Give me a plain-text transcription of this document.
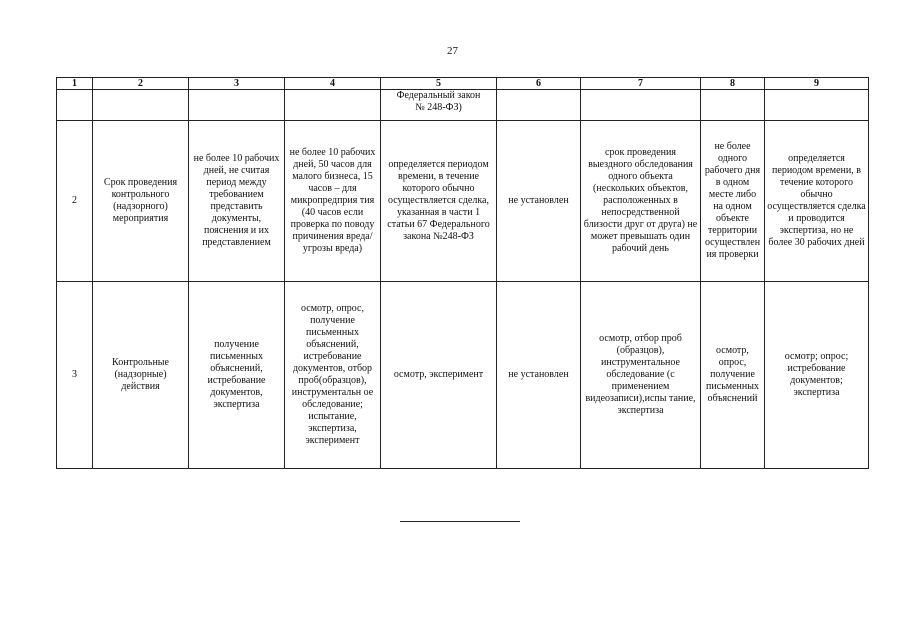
27
1	2	3	4	5	6	7	8	9
				Федеральный закон
№ 248-ФЗ)				
2	Срок проведения контрольного (надзорного) мероприятия	не более 10 рабочих дней, не считая период между требованием представить документы, пояснения и их представлением	не более 10 рабочих дней, 50 часов для малого бизнеса, 15 часов – для микропредприя тия (40 часов если проверка по поводу причинения вреда/угрозы вреда)	определяется периодом времени, в течение которого обычно осуществляется сделка, указанная в части 1 статьи 67 Федерального закона №248-ФЗ	не установлен	срок проведения выездного обследования одного объекта (нескольких объектов, расположенных в непосредственной близости друг от друга) не может превышать один рабочий день	не более одного рабочего дня в одном месте либо на одном объекте территории осуществлен ия проверки	определяется периодом времени, в течение которого обычно осуществляется сделка и проводится экспертиза, но не более 30 рабочих дней
3	Контрольные (надзорные) действия	получение письменных объяснений, истребование документов, экспертиза	осмотр, опрос, получение письменных объяснений, истребование документов, отбор проб(образцов), инструментальн ое обследование; испытание, экспертиза, эксперимент	осмотр, эксперимент	не установлен	осмотр, отбор проб (образцов), инструментальное обследование (с применением видеозаписи),испы тание, экспертиза	осмотр, опрос, получение письменных объяснений	осмотр; опрос; истребование документов; экспертиза
